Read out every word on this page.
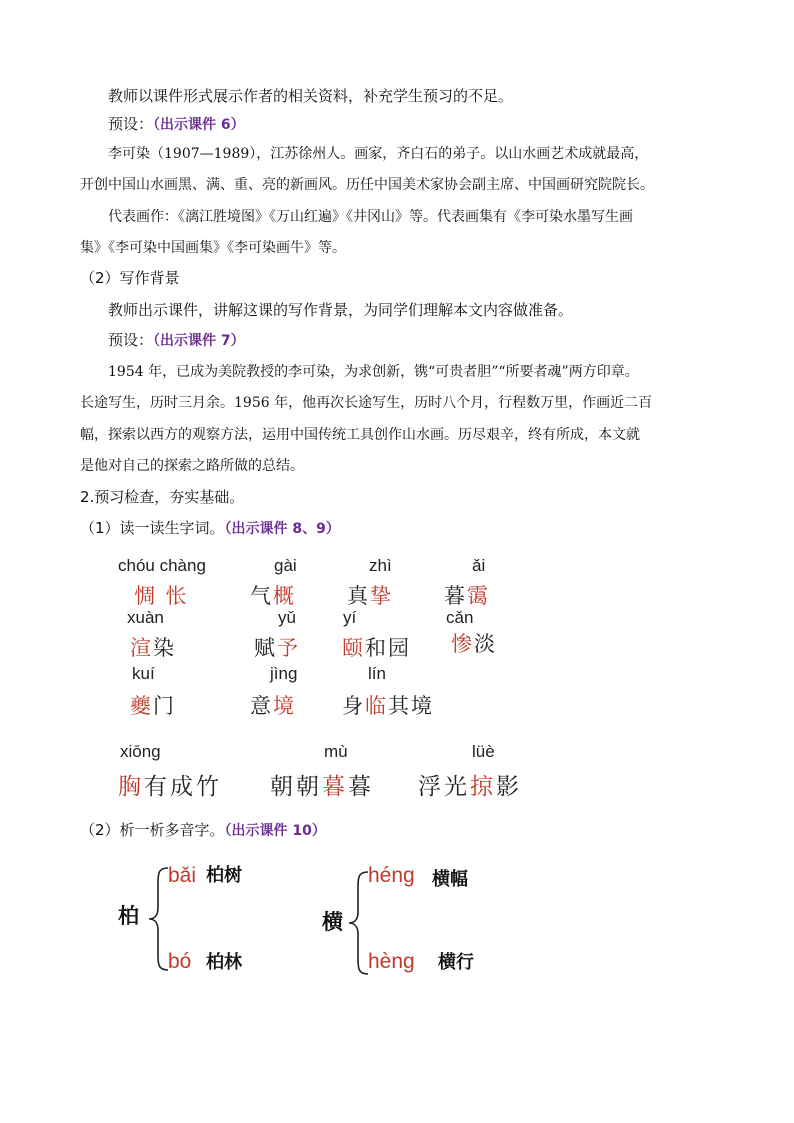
教师以课件形式展示作者的相关资料，补充学生预习的不足。
预设：（出示课件 6）
李可染（1907—1989），江苏徐州人。画家，齐白石的弟子。以山水画艺术成就最高，
开创中国山水画黑、满、重、亮的新画风。历任中国美术家协会副主席、中国画研究院院长。
代表画作：《漓江胜境图》《万山红遍》《井冈山》等。代表画集有《李可染水墨写生画
集》《李可染中国画集》《李可染画牛》等。
（2）写作背景
教师出示课件，讲解这课的写作背景，为同学们理解本文内容做准备。
预设：（出示课件 7）
1954 年，已成为美院教授的李可染，为求创新，镌“可贵者胆”“所要者魂”两方印章。
长途写生，历时三月余。1956 年，他再次长途写生，历时八个月，行程数万里，作画近二百
幅，探索以西方的观察方法，运用中国传统工具创作山水画。历尽艰辛，终有所成，本文就
是他对自己的探索之路所做的总结。
2.预习检查，夯实基础。
（1）读一读生字词。（出示课件 8、9）
chóu chàng
惆 怅
gài
气概
zhì
真挚
ǎi
暮霭
xuàn
渲染
yǔ
赋予
yí
颐和园
cǎn
惨淡
kuí
夔门
jìng
意境
lín
身临其境
xiōng
胸有成竹
mù
朝朝暮暮
lüè
浮光掠影
（2）析一析多音字。（出示课件 10）
柏
bǎi 柏树
bó 柏林
横
héng 横幅
hèng 横行
